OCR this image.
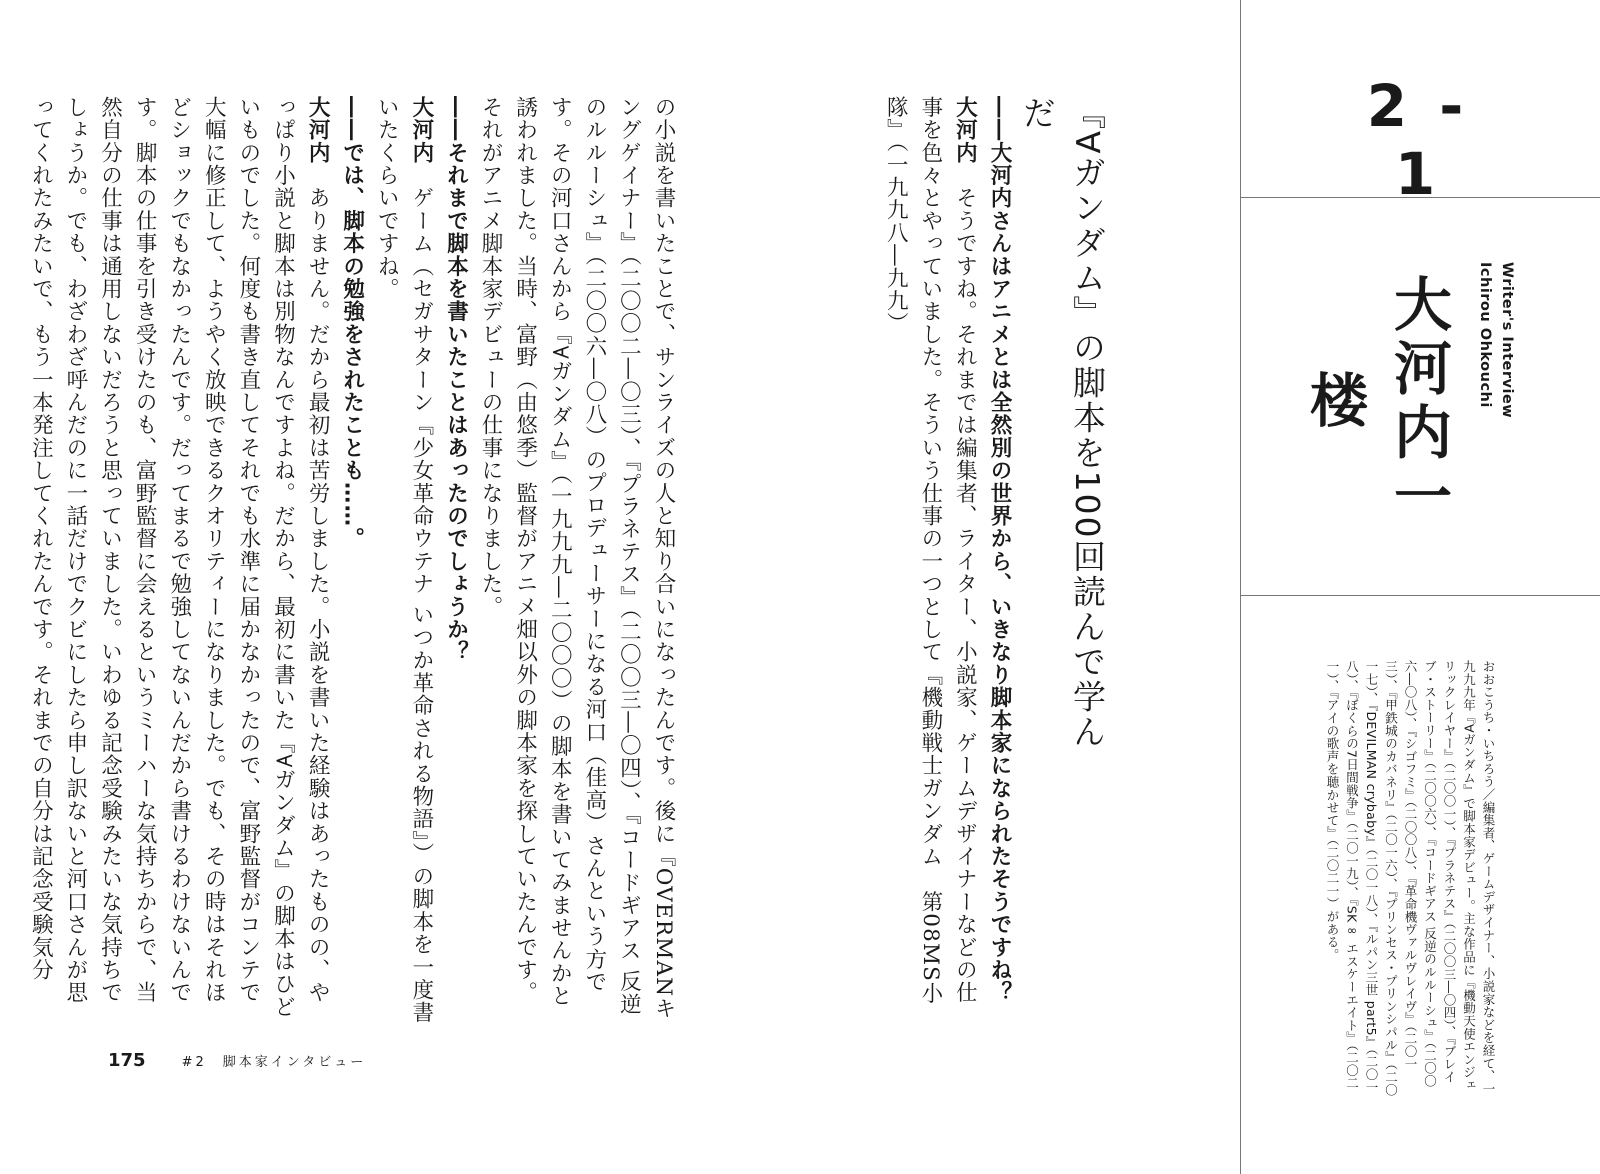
『∀ガンダム』の脚本を100回読んで学んだ

――大河内さんはアニメとは全然別の世界から、いきなり脚本家になられたそうですね？

大河内　そうですね。それまでは編集者、ライター、小説家、ゲームデザイナーなどの仕事を色々とやっていました。そういう仕事の一つとして『機動戦士ガンダム　第08MS小隊』（一九九八―九九）

の小説を書いたことで、サンライズの人と知り合いになったんです。後に『OVERMANキングゲイナー』（二〇〇二―〇三）、『プラネテス』（二〇〇三―〇四）、『コードギアス 反逆のルルーシュ』（二〇〇六―〇八）のプロデューサーになる河口（佳高）さんという方です。その河口さんから『∀ガンダム』（一九九九―二〇〇〇）の脚本を書いてみませんかと誘われました。当時、富野（由悠季）監督がアニメ畑以外の脚本家を探していたんです。それがアニメ脚本家デビューの仕事になりました。

――それまで脚本を書いたことはあったのでしょうか？

大河内　ゲーム（セガサターン『少女革命ウテナ いつか革命される物語』）の脚本を一度書いたくらいですね。

――では、脚本の勉強をされたことも……。

大河内　ありません。だから最初は苦労しました。小説を書いた経験はあったものの、やっぱり小説と脚本は別物なんですよね。だから、最初に書いた『∀ガンダム』の脚本はひどいものでした。何度も書き直してそれでも水準に届かなかったので、富野監督がコンテで大幅に修正して、ようやく放映できるクオリティーになりました。でも、その時はそれほどショックでもなかったんです。だってまるで勉強してないんだから書けるわけないんです。脚本の仕事を引き受けたのも、富野監督に会えるというミーハーな気持ちからで、当然自分の仕事は通用しないだろうと思っていました。いわゆる記念受験みたいな気持ちでしょうか。でも、わざわざ呼んだのに一話だけでクビにしたら申し訳ないと河口さんが思ってくれたみたいで、もう一本発注してくれたんです。それまでの自分は記念受験気分

175	#2　脚本家インタビュー
2 - 1
Writer's Interview
Ichirou Ohkouchi
大河内一楼
おおこうち・いちろう／編集者、ゲームデザイナー、小説家などを経て、一九九九年『∀ガンダム』で脚本家デビュー。主な作品に『機動天使エンジェリックレイヤー』（二〇〇一）、『プラネテス』（二〇〇三―〇四）、『ブレイブ・ストーリー』（二〇〇六）、『コードギアス 反逆のルルーシュ』（二〇〇六―〇八）、『シゴフミ』（二〇〇八）、『革命機ヴァルヴレイヴ』（二〇一三）、『甲鉄城のカバネリ』（二〇一六）、『プリンセス・プリンシパル』（二〇一七）、『DEVILMAN crybaby』（二〇一八）、『ルパン三世 part5』（二〇一八）、『ぼくらの7日間戦争』（二〇一九）、『SK∞ エスケーエイト』（二〇二一）、『アイの歌声を聴かせて』（二〇二一）がある。
